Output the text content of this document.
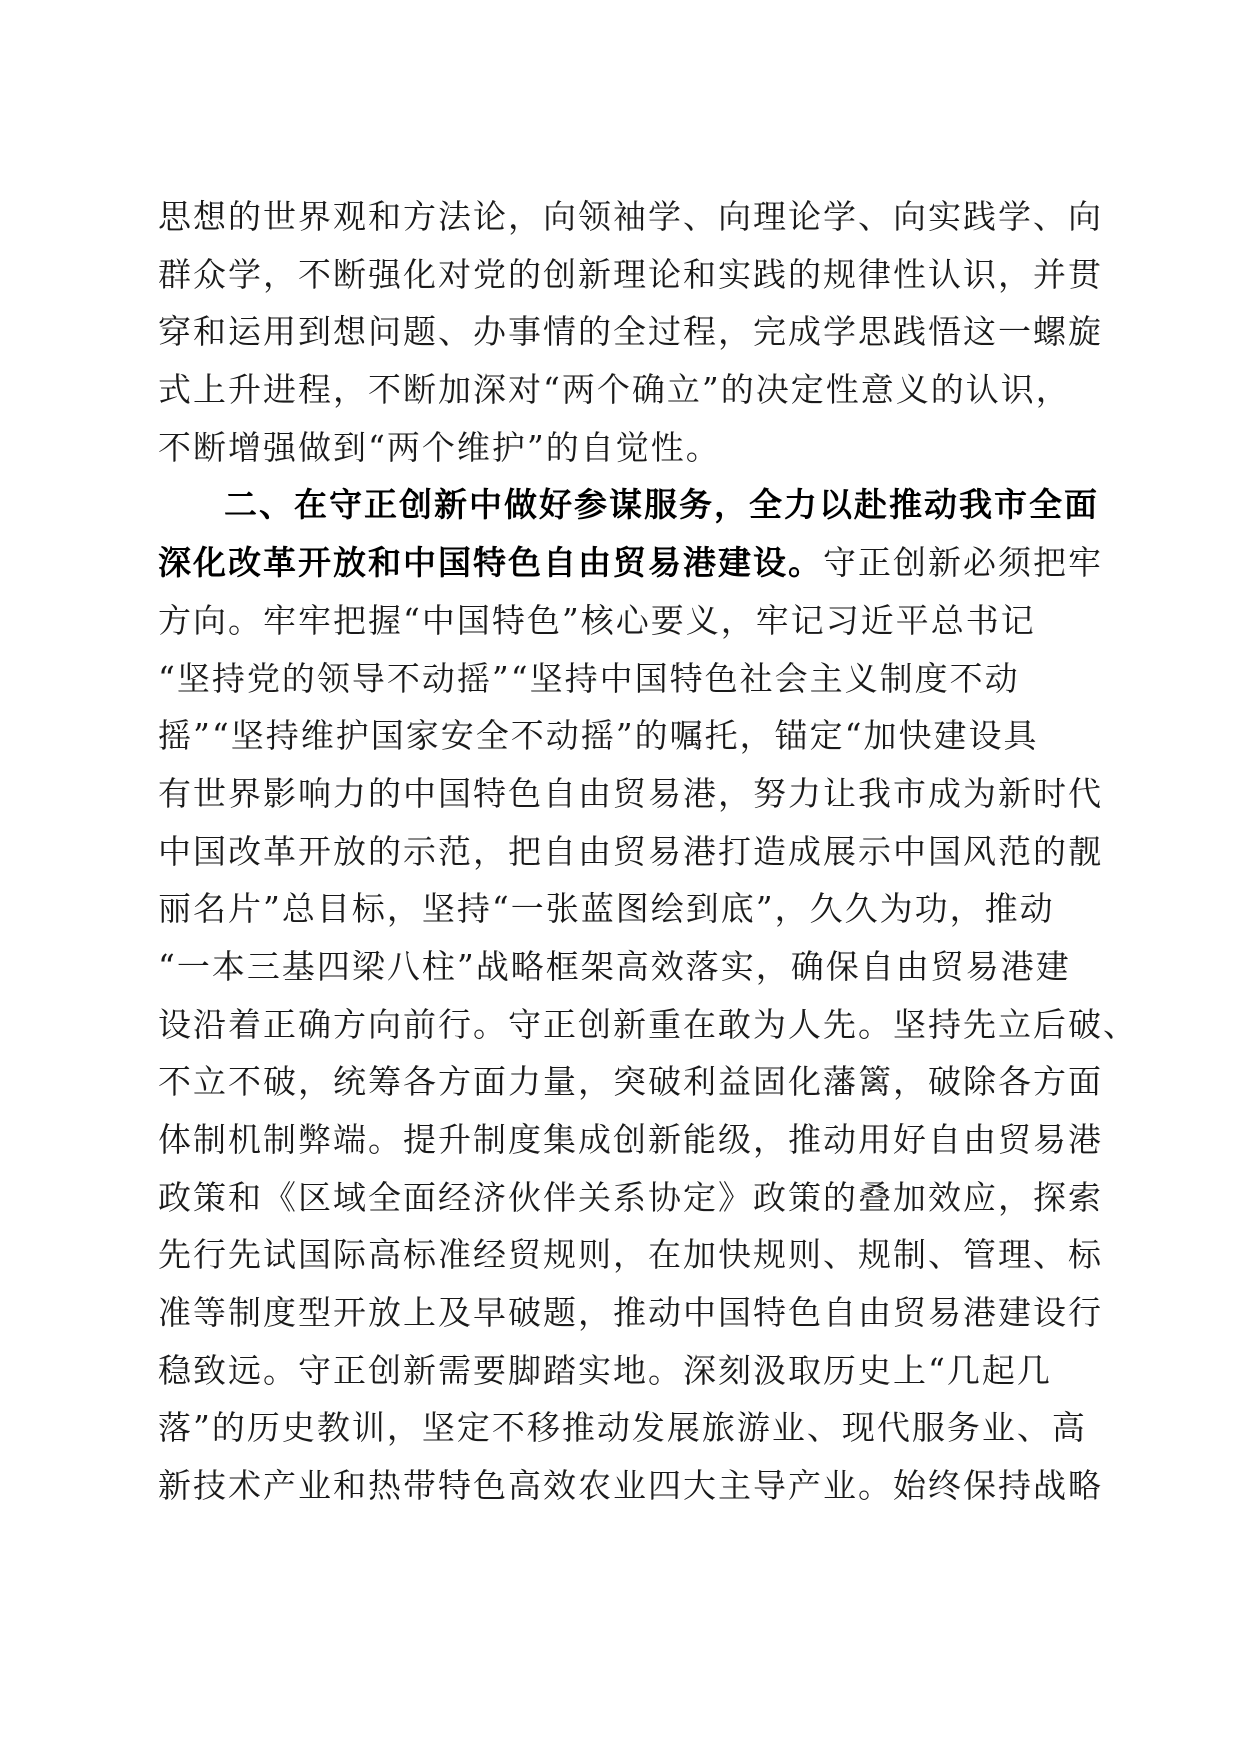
思想的世界观和方法论，向领袖学、向理论学、向实践学、向
群众学，不断强化对党的创新理论和实践的规律性认识，并贯
穿和运用到想问题、办事情的全过程，完成学思践悟这一螺旋
式上升进程，不断加深对“两个确立”的决定性意义的认识，
不断增强做到“两个维护”的自觉性。
二、在守正创新中做好参谋服务，全力以赴推动我市全面
深化改革开放和中国特色自由贸易港建设。守正创新必须把牢
方向。牢牢把握“中国特色”核心要义，牢记习近平总书记
“坚持党的领导不动摇”“坚持中国特色社会主义制度不动
摇”“坚持维护国家安全不动摇”的嘱托，锚定“加快建设具
有世界影响力的中国特色自由贸易港，努力让我市成为新时代
中国改革开放的示范，把自由贸易港打造成展示中国风范的靓
丽名片”总目标，坚持“一张蓝图绘到底”，久久为功，推动
“一本三基四梁八柱”战略框架高效落实，确保自由贸易港建
设沿着正确方向前行。守正创新重在敢为人先。坚持先立后破、
不立不破，统筹各方面力量，突破利益固化藩篱，破除各方面
体制机制弊端。提升制度集成创新能级，推动用好自由贸易港
政策和《区域全面经济伙伴关系协定》政策的叠加效应，探索
先行先试国际高标准经贸规则，在加快规则、规制、管理、标
准等制度型开放上及早破题，推动中国特色自由贸易港建设行
稳致远。守正创新需要脚踏实地。深刻汲取历史上“几起几
落”的历史教训，坚定不移推动发展旅游业、现代服务业、高
新技术产业和热带特色高效农业四大主导产业。始终保持战略
